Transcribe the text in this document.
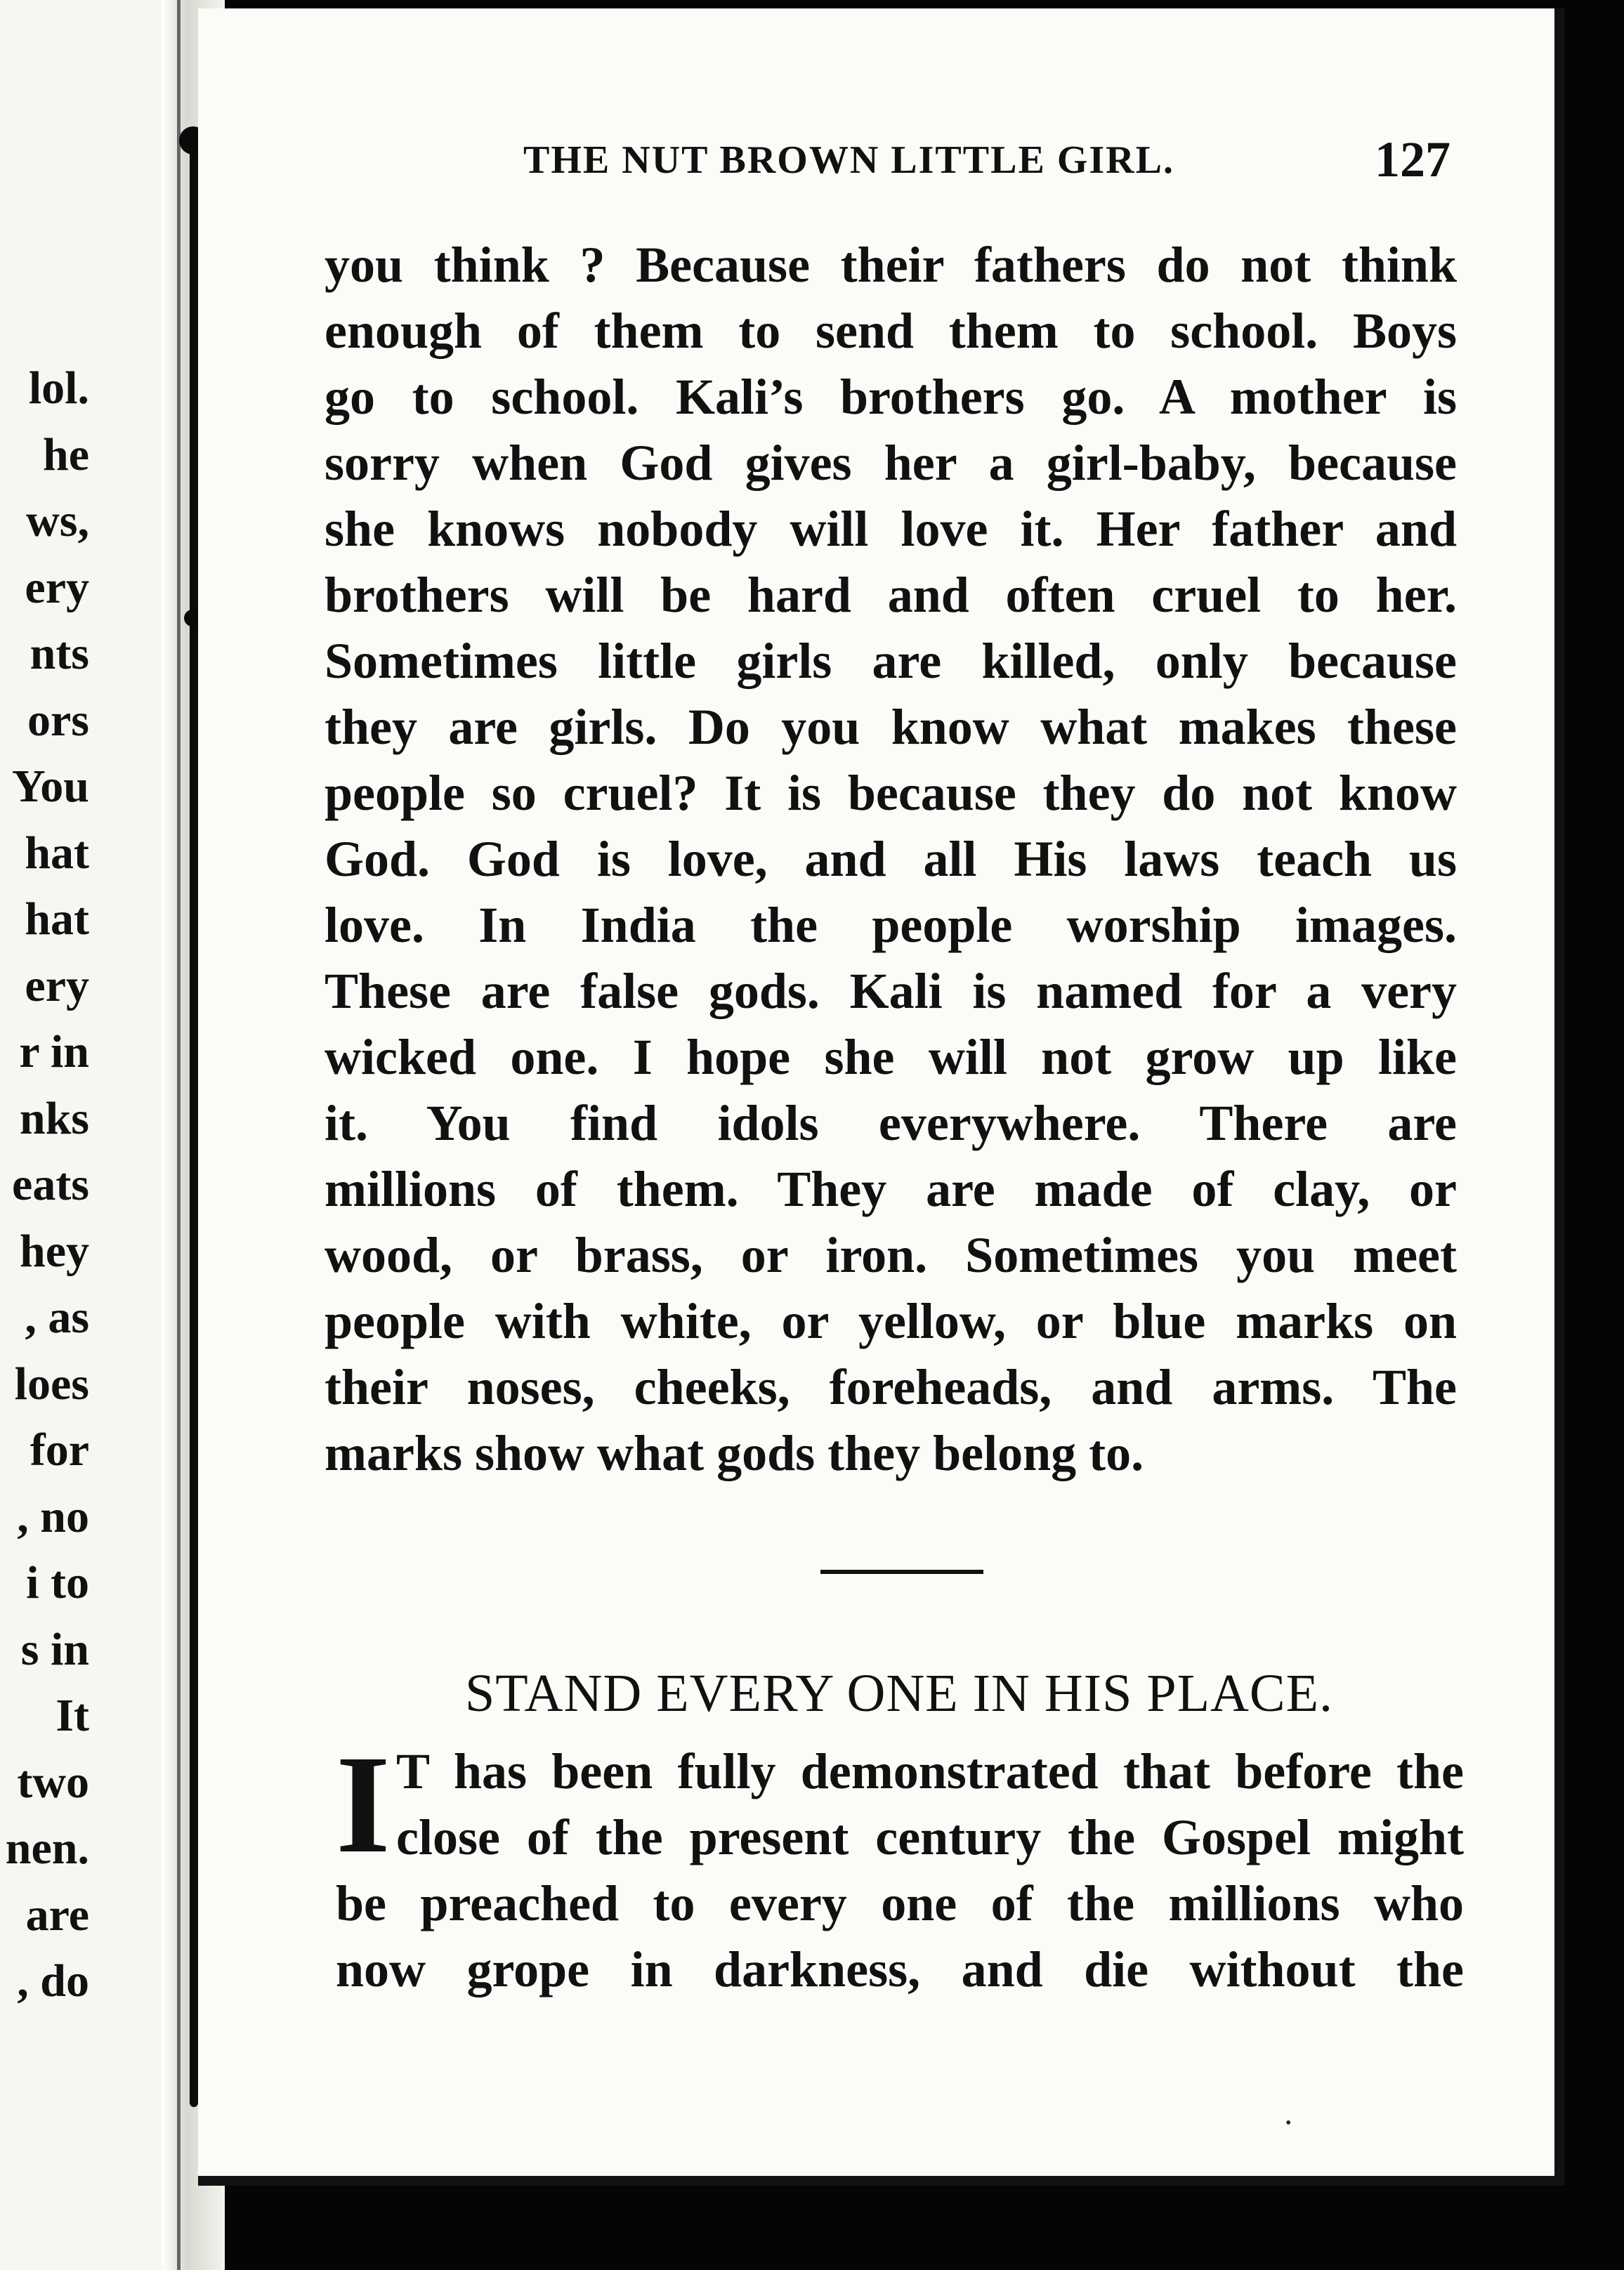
lol.
he
ws,
ery
nts
ors
You
hat
hat
ery
r in
nks
eats
hey
, as
loes
for
, no
i to
s in
It
two
nen.
are
, do
THE NUT BROWN LITTLE GIRL.	127
you think ? Because their fathers do not think
enough of them to send them to school. Boys
go to school. Kali’s brothers go. A mother is
sorry when God gives her a girl-baby, because
she knows nobody will love it. Her father and
brothers will be hard and often cruel to her.
Sometimes little girls are killed, only because
they are girls. Do you know what makes these
people so cruel? It is because they do not know
God. God is love, and all His laws teach us
love. In India the people worship images.
These are false gods. Kali is named for a very
wicked one. I hope she will not grow up like
it. You find idols everywhere. There are
millions of them. They are made of clay, or
wood, or brass, or iron. Sometimes you meet
people with white, or yellow, or blue marks on
their noses, cheeks, foreheads, and arms. The
marks show what gods they belong to.
STAND EVERY ONE IN HIS PLACE.
I T has been fully demonstrated that before the
close of the present century the Gospel might
be preached to every one of the millions who
now grope in darkness, and die without the
•
